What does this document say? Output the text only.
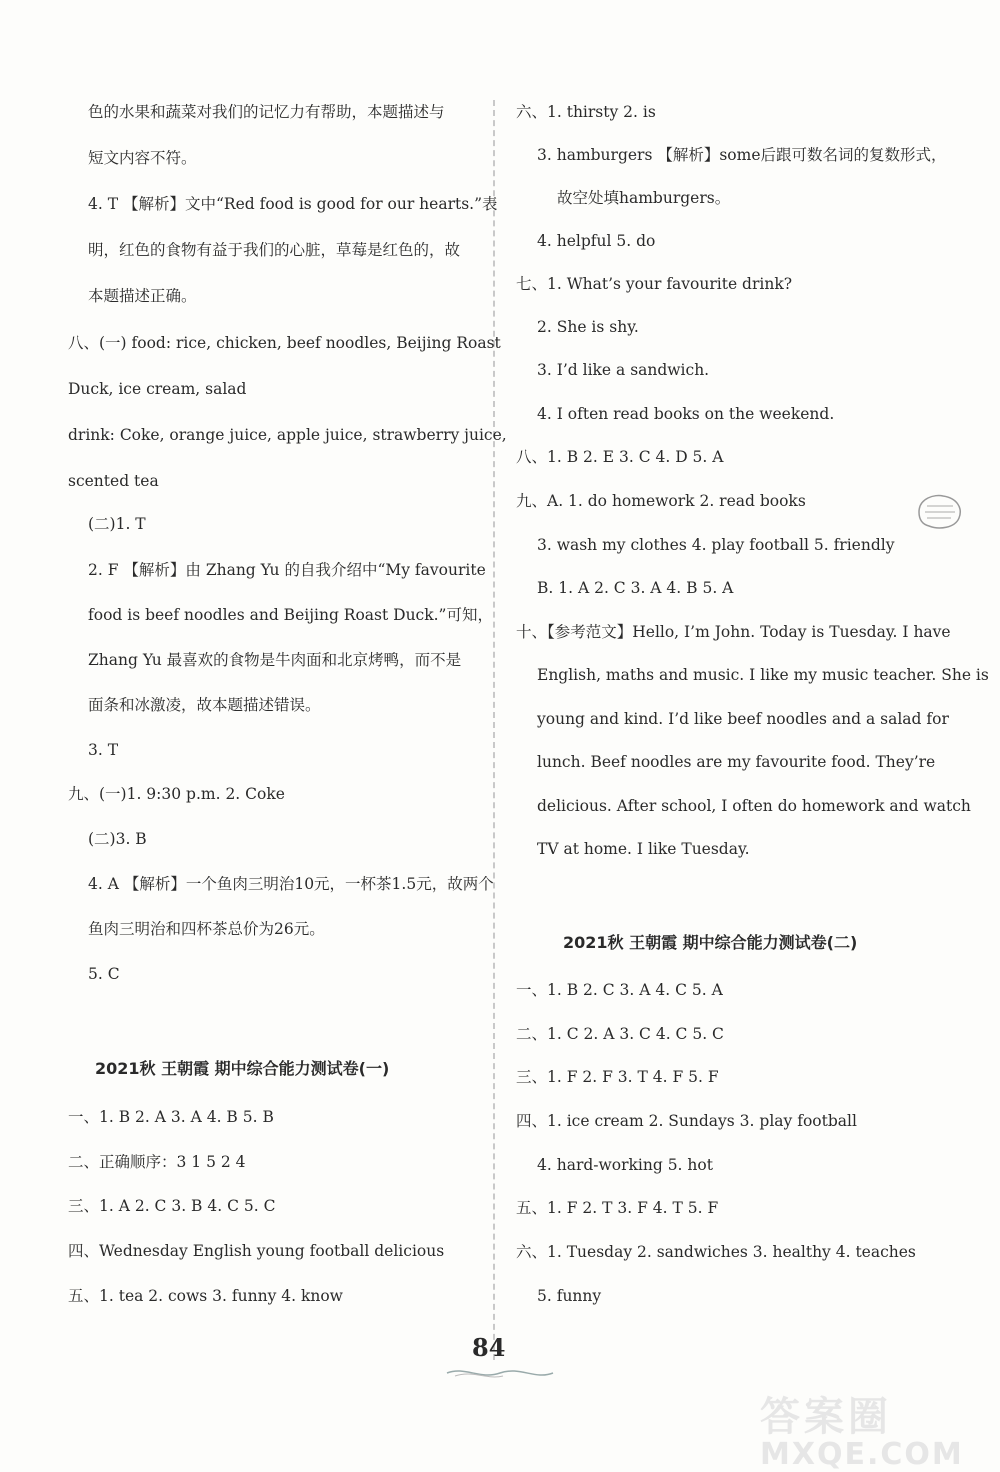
色的水果和蔬菜对我们的记忆力有帮助，本题描述与
短文内容不符。
4. T 【解析】文中“Red food is good for our hearts.”表
明，红色的食物有益于我们的心脏，草莓是红色的，故
本题描述正确。
八、(一) food: rice, chicken, beef noodles, Beijing Roast
Duck, ice cream, salad
drink: Coke, orange juice, apple juice, strawberry juice,
scented tea
(二)1. T
2. F 【解析】由 Zhang Yu 的自我介绍中“My favourite
food is beef noodles and Beijing Roast Duck.”可知，
Zhang Yu 最喜欢的食物是牛肉面和北京烤鸭，而不是
面条和冰激凌，故本题描述错误。
3. T
九、(一)1. 9:30 p.m. 2. Coke
(二)3. B
4. A 【解析】一个鱼肉三明治10元，一杯茶1.5元，故两个
鱼肉三明治和四杯茶总价为26元。
5. C
2021秋 王朝霞 期中综合能力测试卷(一)
一、1. B 2. A 3. A 4. B 5. B
二、正确顺序：3 1 5 2 4
三、1. A 2. C 3. B 4. C 5. C
四、Wednesday English young football delicious
五、1. tea 2. cows 3. funny 4. know
六、1. thirsty 2. is
3. hamburgers 【解析】some后跟可数名词的复数形式，
故空处填hamburgers。
4. helpful 5. do
七、1. What’s your favourite drink?
2. She is shy.
3. I’d like a sandwich.
4. I often read books on the weekend.
八、1. B 2. E 3. C 4. D 5. A
九、A. 1. do homework 2. read books
3. wash my clothes 4. play football 5. friendly
B. 1. A 2. C 3. A 4. B 5. A
十、【参考范文】Hello, I’m John. Today is Tuesday. I have
English, maths and music. I like my music teacher. She is
young and kind. I’d like beef noodles and a salad for
lunch. Beef noodles are my favourite food. They’re
delicious. After school, I often do homework and watch
TV at home. I like Tuesday.
2021秋 王朝霞 期中综合能力测试卷(二)
一、1. B 2. C 3. A 4. C 5. A
二、1. C 2. A 3. C 4. C 5. C
三、1. F 2. F 3. T 4. F 5. F
四、1. ice cream 2. Sundays 3. play football
4. hard-working 5. hot
五、1. F 2. T 3. F 4. T 5. F
六、1. Tuesday 2. sandwiches 3. healthy 4. teaches
5. funny
84
答案圈
MXQE.COM
